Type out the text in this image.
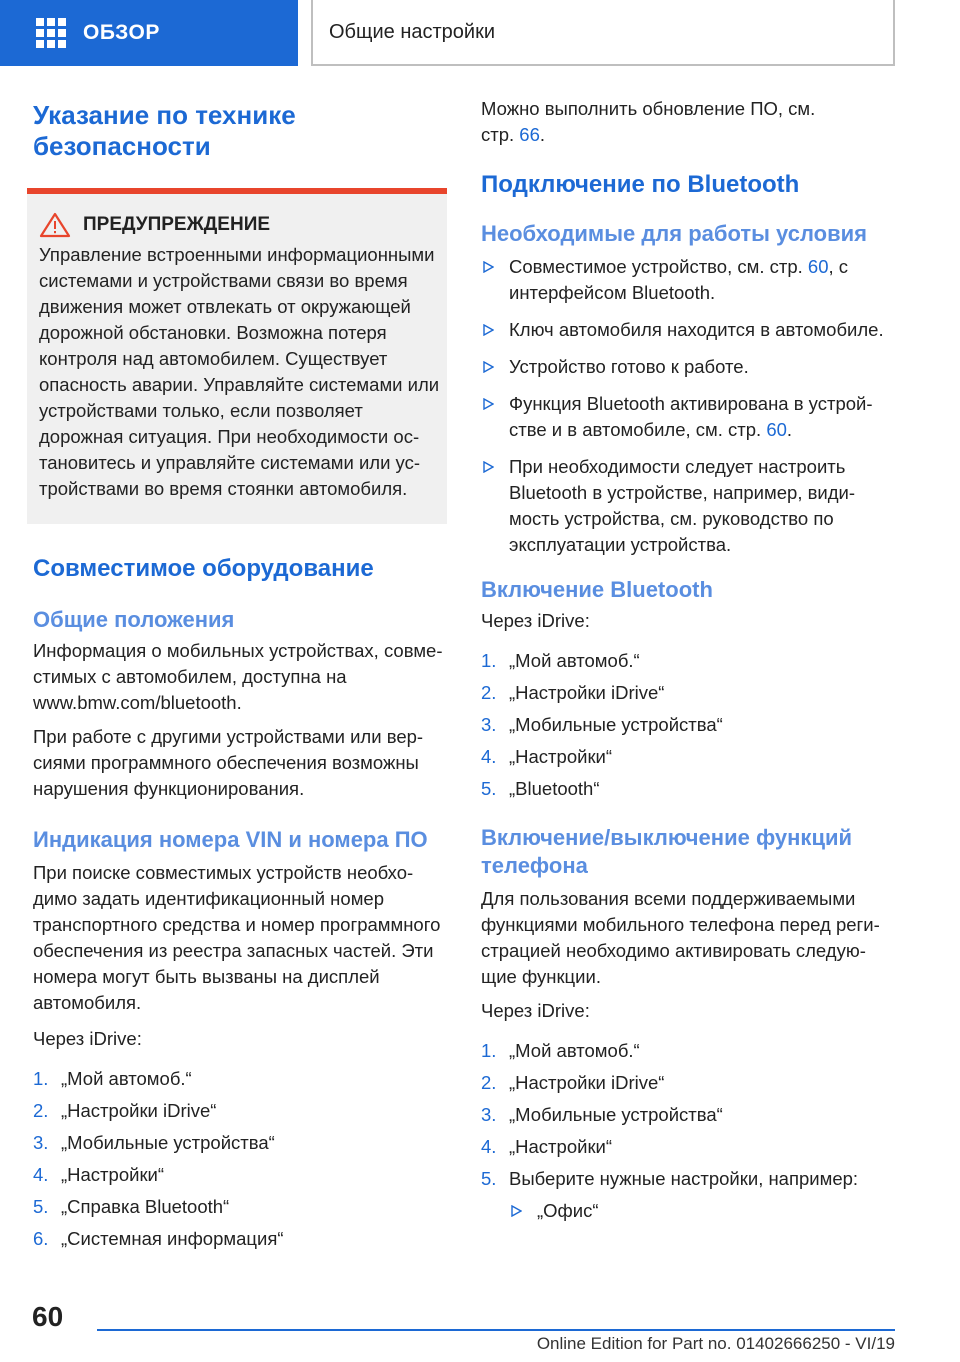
ОБЗОР	Общие настройки
Указание по технике безопасности
ПРЕДУПРЕЖДЕНИЕ
Управление встроенными информационными системами и устройствами связи во время движения может отвлекать от окружающей дорожной обстановки. Возможна потеря контроля над автомобилем. Существует опасность аварии. Управляйте системами или устройствами только, если позволяет дорожная ситуация. При необходимости остановитесь и управляйте системами или устройствами во время стоянки автомобиля.
Совместимое оборудование
Общие положения
Информация о мобильных устройствах, совместимых с автомобилем, доступна на www.bmw.com/bluetooth.
При работе с другими устройствами или версиями программного обеспечения возможны нарушения функционирования.
Индикация номера VIN и номера ПО
При поиске совместимых устройств необходимо задать идентификационный номер транспортного средства и номер программного обеспечения из реестра запасных частей. Эти номера могут быть вызваны на дисплей автомобиля.
Через iDrive:
1. „Мой автомоб.“
2. „Настройки iDrive“
3. „Мобильные устройства“
4. „Настройки“
5. „Справка Bluetooth“
6. „Системная информация“
Можно выполнить обновление ПО, см.
стр. 66.
Подключение по Bluetooth
Необходимые для работы условия
Совместимое устройство, см. стр. 60, с интерфейсом Bluetooth.
Ключ автомобиля находится в автомобиле.
Устройство готово к работе.
Функция Bluetooth активирована в устройстве и в автомобиле, см. стр. 60.
При необходимости следует настроить Bluetooth в устройстве, например, видимость устройства, см. руководство по эксплуатации устройства.
Включение Bluetooth
Через iDrive:
1. „Мой автомоб.“
2. „Настройки iDrive“
3. „Мобильные устройства“
4. „Настройки“
5. „Bluetooth“
Включение/выключение функций телефона
Для пользования всеми поддерживаемыми функциями мобильного телефона перед регистрацией необходимо активировать следующие функции.
Через iDrive:
1. „Мой автомоб.“
2. „Настройки iDrive“
3. „Мобильные устройства“
4. „Настройки“
5. Выберите нужные настройки, например:
„Офис“
60
Online Edition for Part no. 01402666250 - VI/19
